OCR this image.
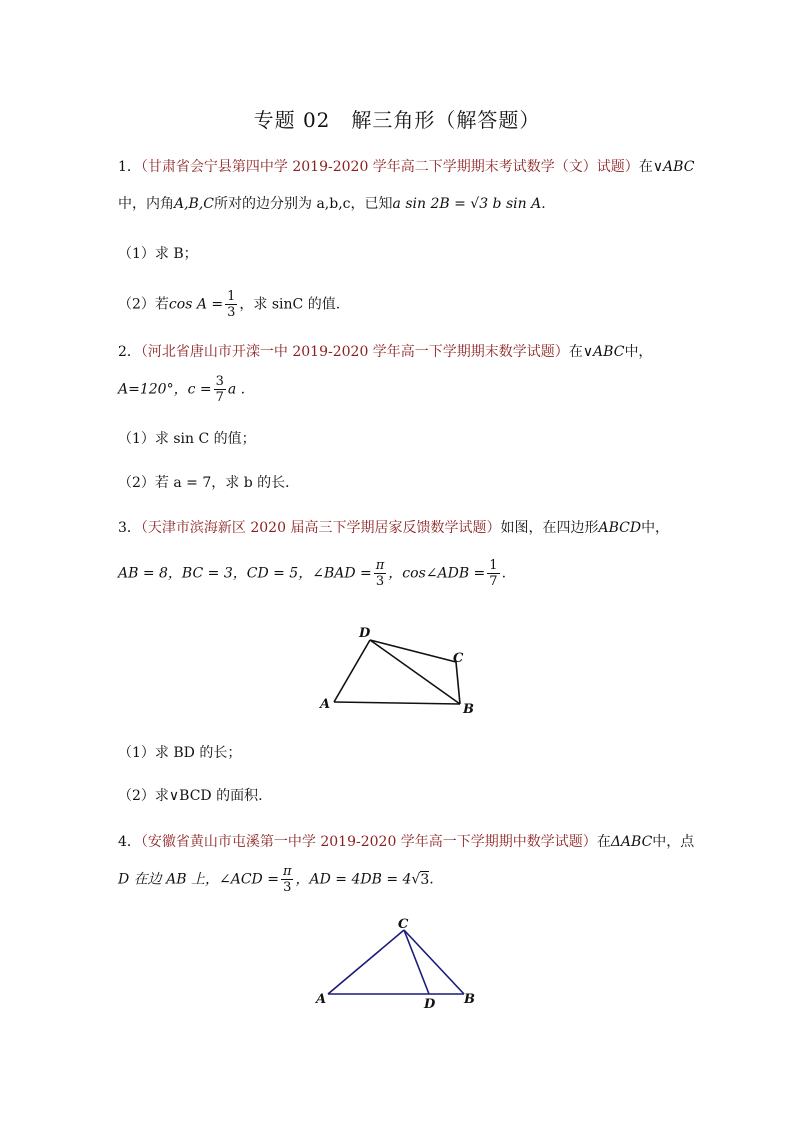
专题 02　解三角形（解答题）
1．（甘肃省会宁县第四中学 2019-2020 学年高二下学期期末考试数学（文）试题）在∨ABC
中，内角A,B,C所对的边分别为 a,b,c，已知a sin 2B = √3 b sin A.
（1）求 B；
（2）若$\cos A = \frac{1}{3}$ ，求 sinC 的值.
2．（河北省唐山市开滦一中 2019-2020 学年高一下学期期末数学试题）在∨ABC中，
A=120°，$c = \frac{3}{7}$ a .
（1）求 sin C 的值；
（2）若 a = 7，求 b 的长．
3．（天津市滨海新区 2020 届高三下学期居家反馈数学试题）如图，在四边形ABCD中，
AB = 8，BC = 3，CD = 5，∠BAD = $\frac{\pi}{3}$ ，cos∠ADB = $\frac{1}{7}$ .
D
C
A	B
（1）求 BD 的长；
（2）求∨BCD 的面积.
4．（安徽省黄山市屯溪第一中学 2019-2020 学年高一下学期期中数学试题）在ΔABC中，点
D 在边 AB 上，∠ACD = $\frac{\pi}{3}$ ，AD = 4DB = 4√3.
C
A	D B
